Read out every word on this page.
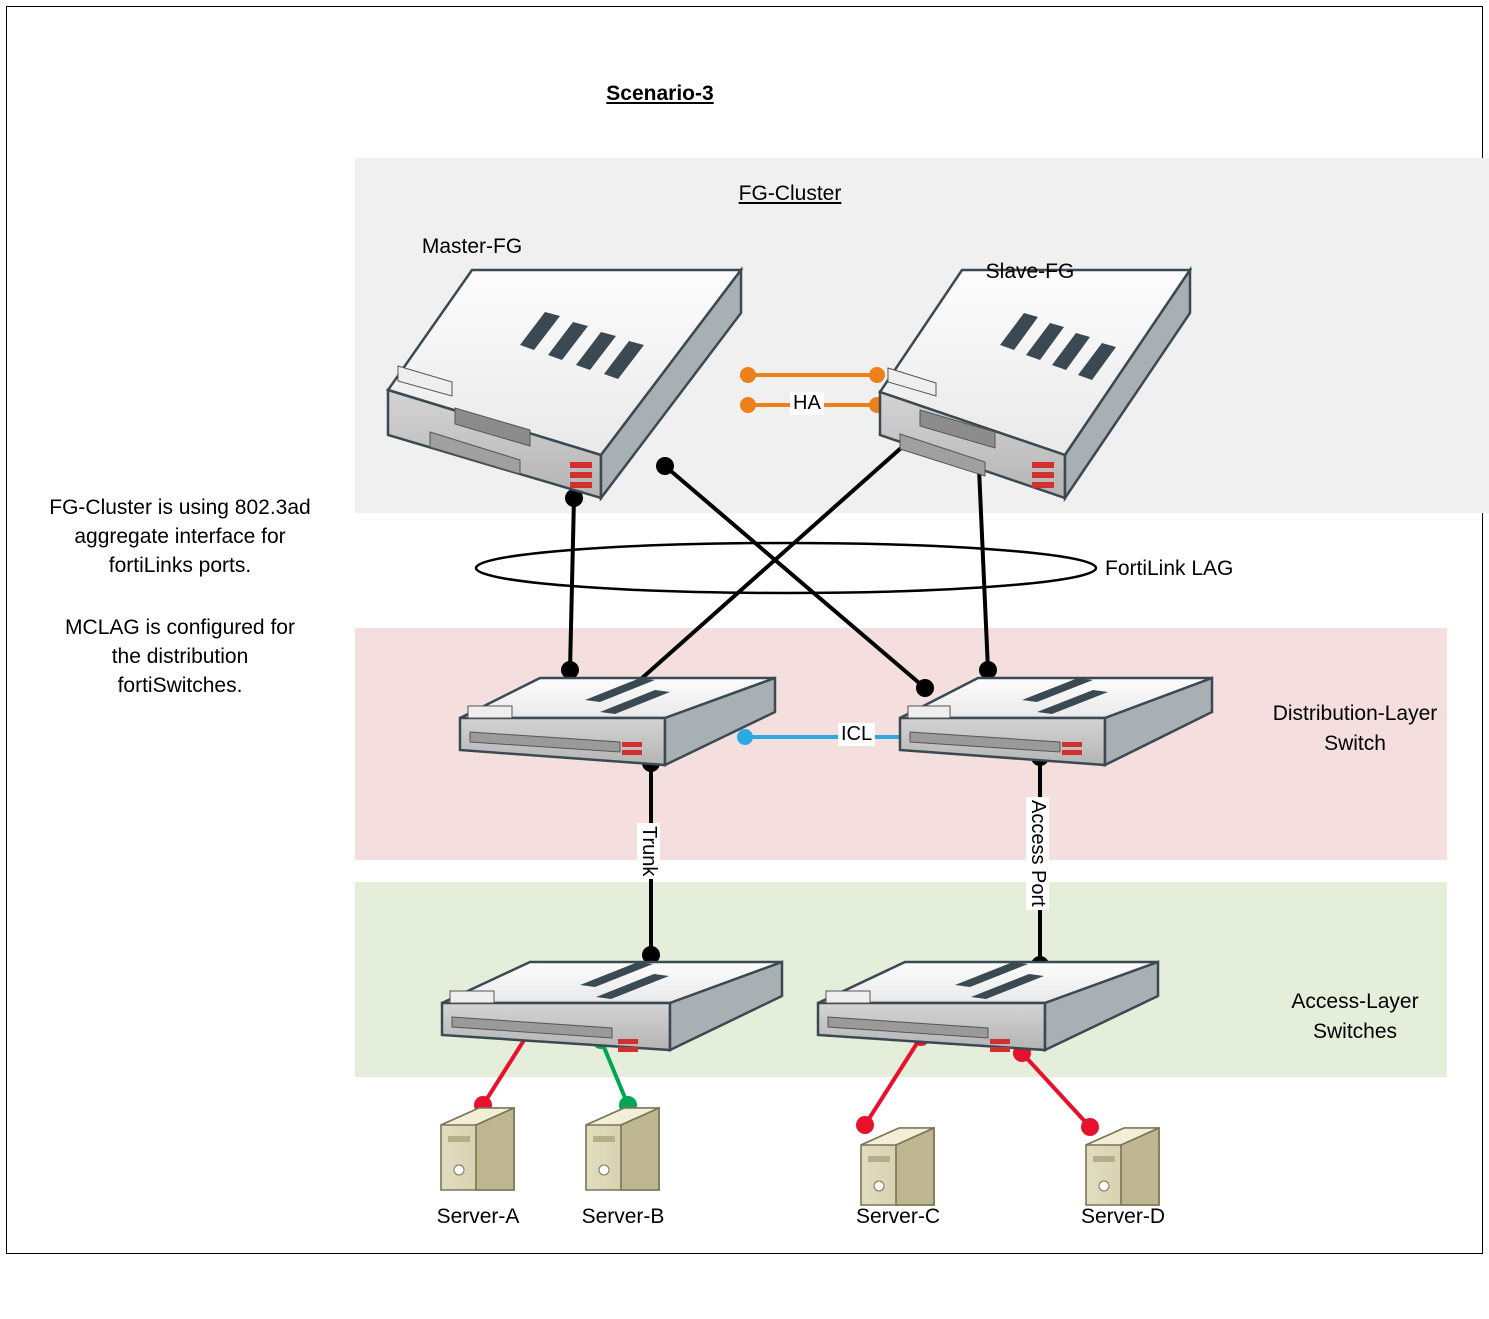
Scenario-3
FG-Cluster
Master-FG
Slave-FG
FG-Cluster is using 802.3ad
aggregate interface for
fortiLinks ports.
MCLAG is configured for
the distribution
fortiSwitches.
Distribution-Layer
Switch
Access-Layer
Switches
Server-A	Server-B	Server-C	Server-D
HA
FortiLink LAG
ICL
Trunk	Access Port
